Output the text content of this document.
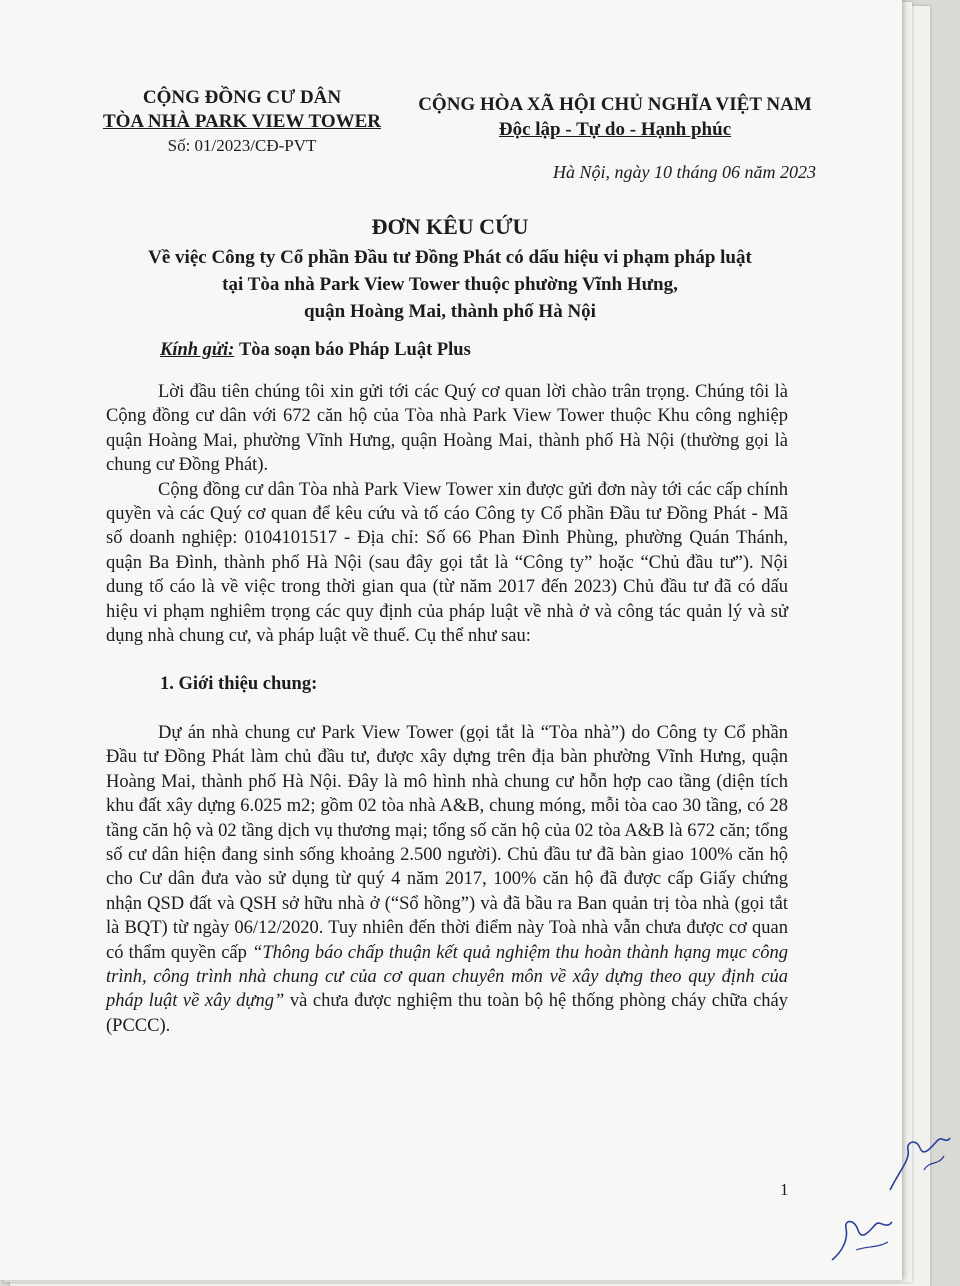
CỘNG ĐỒNG CƯ DÂN
TÒA NHÀ PARK VIEW TOWER
Số: 01/2023/CĐ-PVT
CỘNG HÒA XÃ HỘI CHỦ NGHĨA VIỆT NAM
Độc lập - Tự do - Hạnh phúc
Hà Nội, ngày 10 tháng 06 năm 2023
ĐƠN KÊU CỨU
Về việc Công ty Cổ phần Đầu tư Đồng Phát có dấu hiệu vi phạm pháp luật
tại Tòa nhà Park View Tower thuộc phường Vĩnh Hưng,
quận Hoàng Mai, thành phố Hà Nội
Kính gửi: Tòa soạn báo Pháp Luật Plus

Lời đầu tiên chúng tôi xin gửi tới các Quý cơ quan lời chào trân trọng. Chúng tôi là Cộng đồng cư dân với 672 căn hộ của Tòa nhà Park View Tower thuộc Khu công nghiệp quận Hoàng Mai, phường Vĩnh Hưng, quận Hoàng Mai, thành phố Hà Nội (thường gọi là chung cư Đồng Phát).

Cộng đồng cư dân Tòa nhà Park View Tower xin được gửi đơn này tới các cấp chính quyền và các Quý cơ quan để kêu cứu và tố cáo Công ty Cổ phần Đầu tư Đồng Phát - Mã số doanh nghiệp: 0104101517 - Địa chỉ: Số 66 Phan Đình Phùng, phường Quán Thánh, quận Ba Đình, thành phố Hà Nội (sau đây gọi tắt là “Công ty” hoặc “Chủ đầu tư”). Nội dung tố cáo là về việc trong thời gian qua (từ năm 2017 đến 2023) Chủ đầu tư đã có dấu hiệu vi phạm nghiêm trọng các quy định của pháp luật về nhà ở và công tác quản lý và sử dụng nhà chung cư, và pháp luật về thuế. Cụ thể như sau:

1. Giới thiệu chung:

Dự án nhà chung cư Park View Tower (gọi tắt là “Tòa nhà”) do Công ty Cổ phần Đầu tư Đồng Phát làm chủ đầu tư, được xây dựng trên địa bàn phường Vĩnh Hưng, quận Hoàng Mai, thành phố Hà Nội. Đây là mô hình nhà chung cư hỗn hợp cao tầng (diện tích khu đất xây dựng 6.025 m2; gồm 02 tòa nhà A&B, chung móng, mỗi tòa cao 30 tầng, có 28 tầng căn hộ và 02 tầng dịch vụ thương mại; tổng số căn hộ của 02 tòa A&B là 672 căn; tổng số cư dân hiện đang sinh sống khoảng 2.500 người). Chủ đầu tư đã bàn giao 100% căn hộ cho Cư dân đưa vào sử dụng từ quý 4 năm 2017, 100% căn hộ đã được cấp Giấy chứng nhận QSD đất và QSH sở hữu nhà ở (“Sổ hồng”) và đã bầu ra Ban quản trị tòa nhà (gọi tắt là BQT) từ ngày 06/12/2020. Tuy nhiên đến thời điểm này Toà nhà vẫn chưa được cơ quan có thẩm quyền cấp “Thông báo chấp thuận kết quả nghiệm thu hoàn thành hạng mục công trình, công trình nhà chung cư của cơ quan chuyên môn về xây dựng theo quy định của pháp luật về xây dựng” và chưa được nghiệm thu toàn bộ hệ thống phòng cháy chữa cháy (PCCC).

1
